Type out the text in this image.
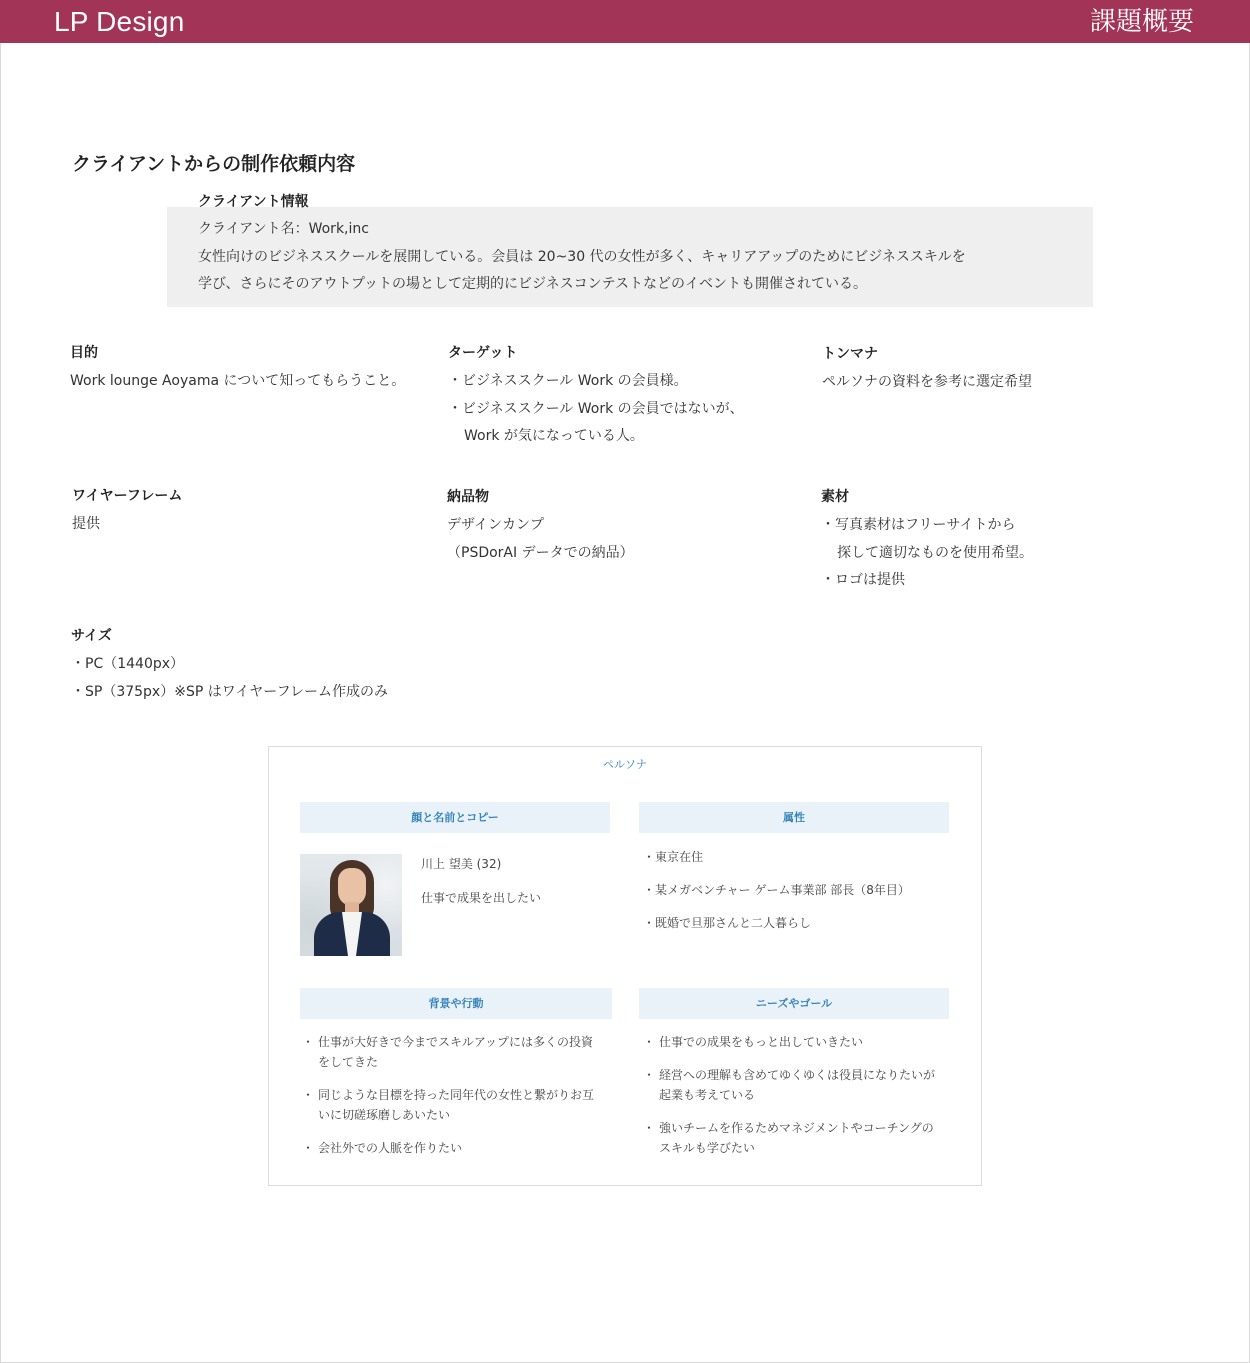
LP Design	課題概要
クライアントからの制作依頼内容
クライアント情報
クライアント名：Work,inc
女性向けのビジネススクールを展開している。会員は 20~30 代の女性が多く、キャリアアップのためにビジネススキルを
学び、さらにそのアウトプットの場として定期的にビジネスコンテストなどのイベントも開催されている。
目的
Work lounge Aoyama について知ってもらうこと。
ターゲット
・ビジネススクール Work の会員様。
・ビジネススクール Work の会員ではないが、
Work が気になっている人。
トンマナ
ペルソナの資料を参考に選定希望
ワイヤーフレーム
提供
納品物
デザインカンプ
（PSDorAI データでの納品）
素材
・写真素材はフリーサイトから
探して適切なものを使用希望。
・ロゴは提供
サイズ
・PC（1440px）
・SP（375px）※SP はワイヤーフレーム作成のみ
ペルソナ
顔と名前とコピー
川上 望美 (32)
仕事で成果を出したい
属性
・東京在住
・某メガベンチャー ゲーム事業部 部長（8年目）
・既婚で旦那さんと二人暮らし
背景や行動
・ 仕事が大好きで今までスキルアップには多くの投資
をしてきた
・ 同じような目標を持った同年代の女性と繋がりお互
いに切磋琢磨しあいたい
・ 会社外での人脈を作りたい
ニーズやゴール
・ 仕事での成果をもっと出していきたい
・ 経営への理解も含めてゆくゆくは役員になりたいが
起業も考えている
・ 強いチームを作るためマネジメントやコーチングの
スキルも学びたい
